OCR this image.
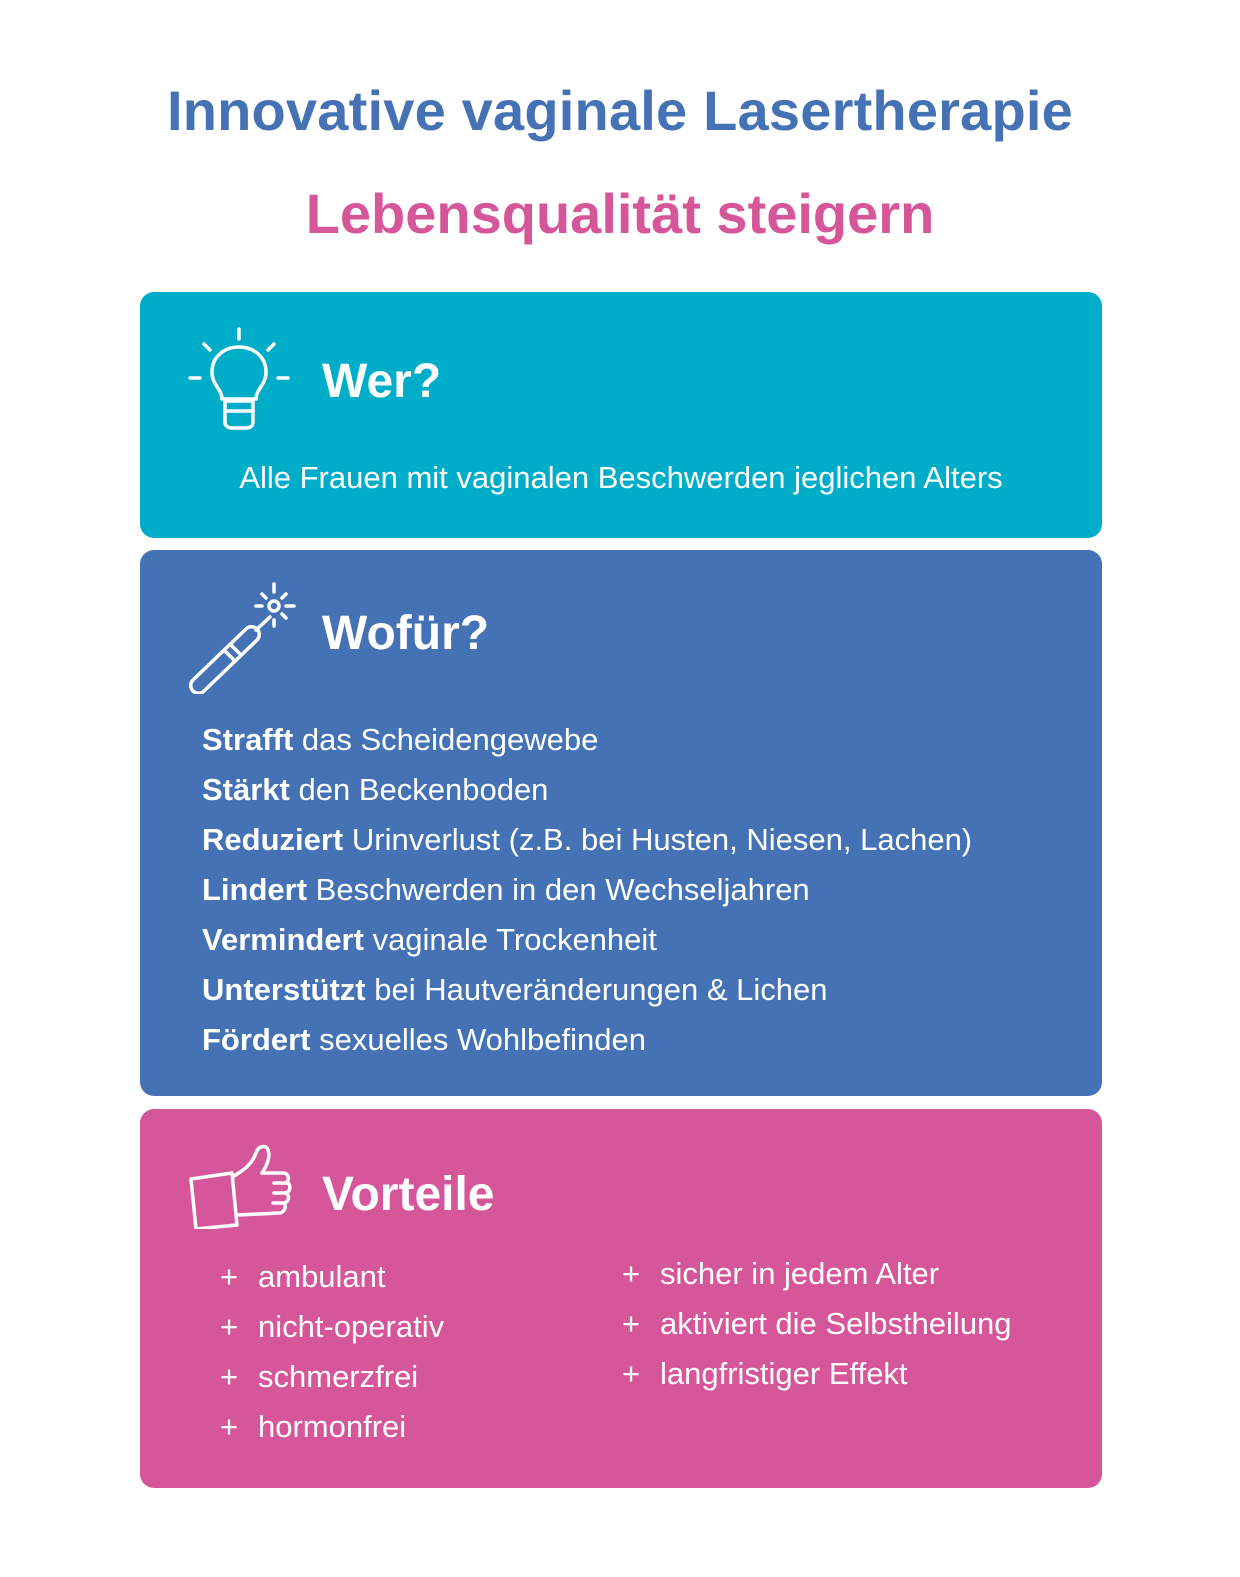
Innovative vaginale Lasertherapie
Lebensqualität steigern
Wer?

Alle Frauen mit vaginalen Beschwerden jeglichen Alters

Wofür?
Strafft das Scheidengewebe
Stärkt den Beckenboden
Reduziert Urinverlust (z.B. bei Husten, Niesen, Lachen)
Lindert Beschwerden in den Wechseljahren
Vermindert vaginale Trockenheit
Unterstützt bei Hautveränderungen & Lichen
Fördert sexuelles Wohlbefinden
Vorteile
+ ambulant
+ nicht-operativ
+ schmerzfrei
+ hormonfrei
+ sicher in jedem Alter
+ aktiviert die Selbstheilung
+ langfristiger Effekt
